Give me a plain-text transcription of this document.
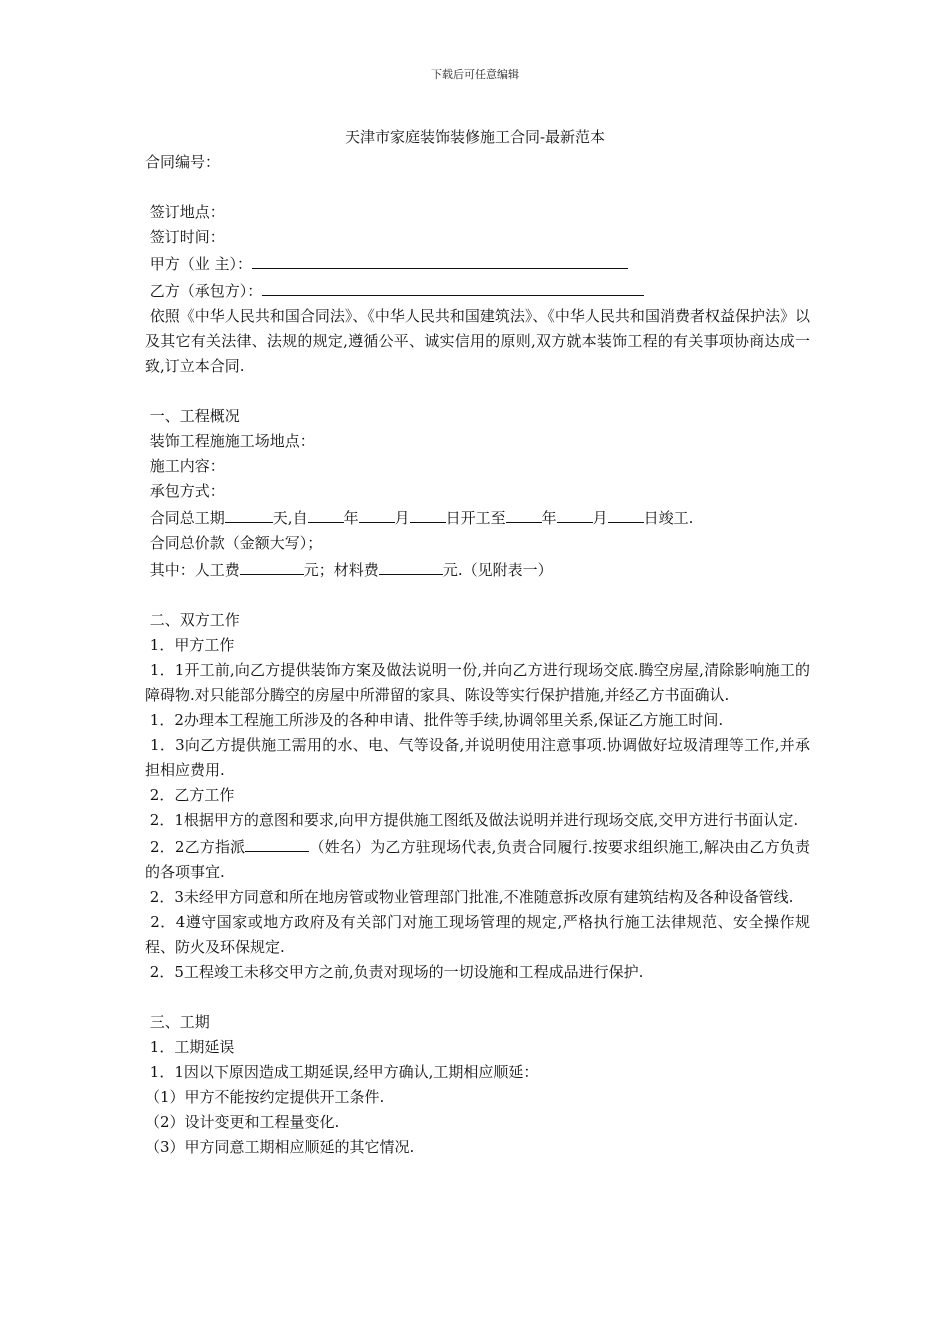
下载后可任意编辑
天津市家庭装饰装修施工合同-最新范本

合同编号：

签订地点：

签订时间：

甲方（业 主）：

乙方（承包方）：

依照《中华人民共和国合同法》、《中华人民共和国建筑法》、《中华人民共和国消费者权益保护法》以及其它有关法律、法规的规定,遵循公平、诚实信用的原则,双方就本装饰工程的有关事项协商达成一致,订立本合同.

一、工程概况

装饰工程施施工场地点：

施工内容：

承包方式：

合同总工期	天,自 年 月 日开工至 年 月 日竣工.

合同总价款（金额大写）；

其中：人工费	元；材料费	元.（见附表一）

二、双方工作

1．甲方工作

1．1开工前,向乙方提供装饰方案及做法说明一份,并向乙方进行现场交底.腾空房屋,清除影响施工的障碍物.对只能部分腾空的房屋中所滞留的家具、陈设等实行保护措施,并经乙方书面确认.

1．2办理本工程施工所涉及的各种申请、批件等手续,协调邻里关系,保证乙方施工时间.

1．3向乙方提供施工需用的水、电、气等设备,并说明使用注意事项.协调做好垃圾清理等工作,并承担相应费用.

2．乙方工作

2．1根据甲方的意图和要求,向甲方提供施工图纸及做法说明并进行现场交底,交甲方进行书面认定.

2．2乙方指派	（姓名）为乙方驻现场代表,负责合同履行.按要求组织施工,解决由乙方负责的各项事宜.

2．3未经甲方同意和所在地房管或物业管理部门批准,不准随意拆改原有建筑结构及各种设备管线.

2．4遵守国家或地方政府及有关部门对施工现场管理的规定,严格执行施工法律规范、安全操作规程、防火及环保规定.

2．5工程竣工未移交甲方之前,负责对现场的一切设施和工程成品进行保护.

三、工期

1．工期延误

1．1因以下原因造成工期延误,经甲方确认,工期相应顺延：

（1）甲方不能按约定提供开工条件.

（2）设计变更和工程量变化.

（3）甲方同意工期相应顺延的其它情况.
